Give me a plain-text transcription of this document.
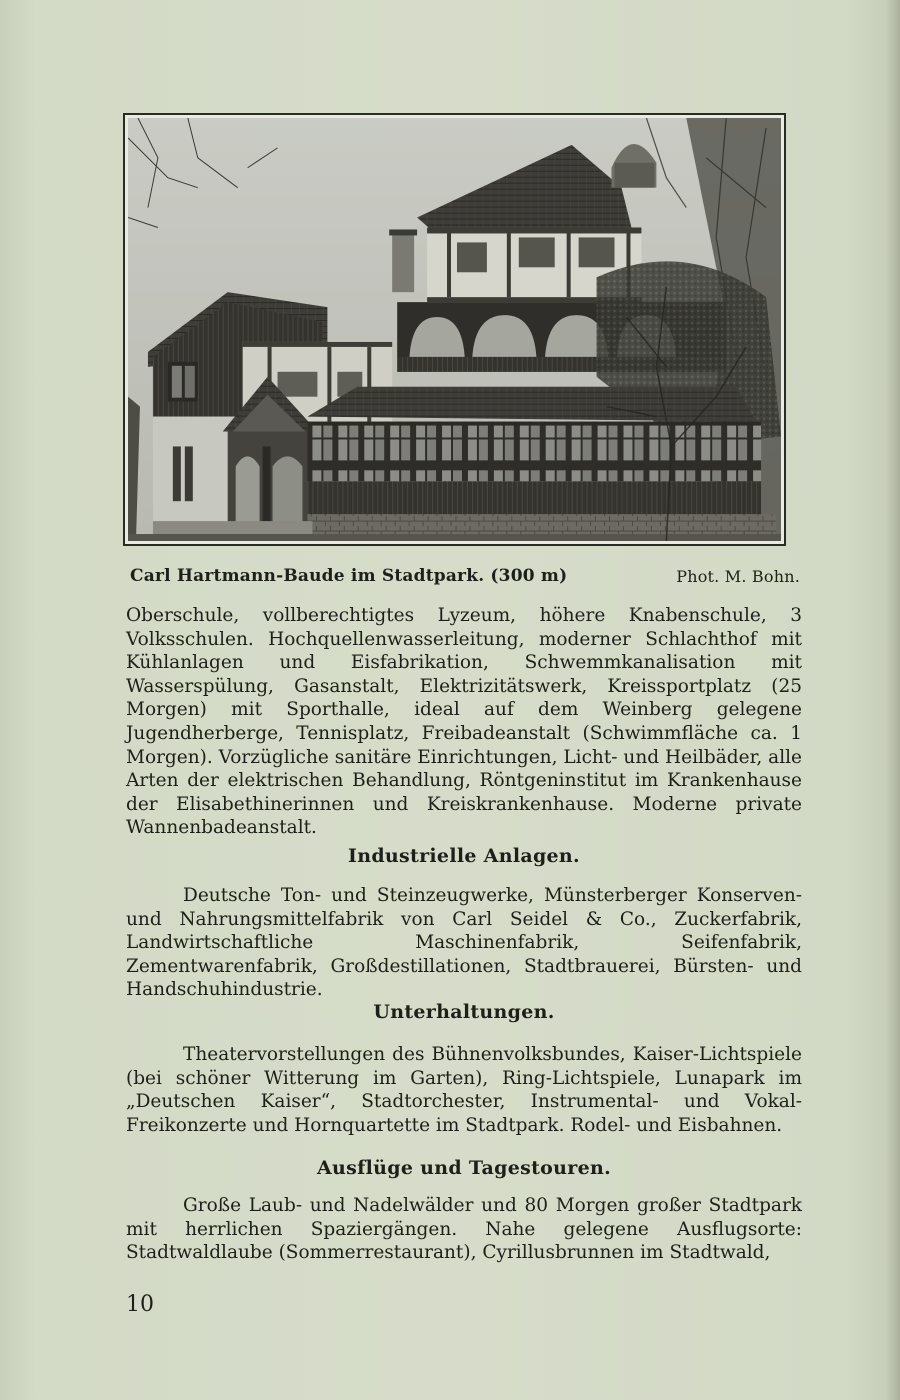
Carl Hartmann-Baude im Stadtpark. (300 m)	Phot. M. Bohn.

Oberschule, vollberechtigtes Lyzeum, höhere Knabenschule, 3 Volksschulen. Hochquellenwasserleitung, moderner Schlachthof mit Kühlanlagen und Eisfabrikation, Schwemmkanalisation mit Wasserspülung, Gasanstalt, Elektrizitätswerk, Kreissportplatz (25 Morgen) mit Sporthalle, ideal auf dem Weinberg gelegene Jugendherberge, Tennisplatz, Freibadeanstalt (Schwimmfläche ca. 1 Morgen). Vorzügliche sanitäre Einrichtungen, Licht- und Heilbäder, alle Arten der elektrischen Behandlung, Röntgeninstitut im Krankenhause der Elisabethinerinnen und Kreiskrankenhause. Moderne private Wannenbadeanstalt.

Industrielle Anlagen.

Deutsche Ton- und Steinzeugwerke, Münsterberger Konserven- und Nahrungsmittelfabrik von Carl Seidel & Co., Zuckerfabrik, Landwirtschaftliche Maschinenfabrik, Seifenfabrik, Zementwarenfabrik, Großdestillationen, Stadtbrauerei, Bürsten- und Handschuhindustrie.

Unterhaltungen.

Theatervorstellungen des Bühnenvolksbundes, Kaiser-Lichtspiele (bei schöner Witterung im Garten), Ring-Lichtspiele, Lunapark im „Deutschen Kaiser“, Stadtorchester, Instrumental- und Vokal-Freikonzerte und Hornquartette im Stadtpark. Rodel- und Eisbahnen.

Ausflüge und Tagestouren.

Große Laub- und Nadelwälder und 80 Morgen großer Stadtpark mit herrlichen Spaziergängen. Nahe gelegene Ausflugsorte: Stadtwaldlaube (Sommerrestaurant), Cyrillusbrunnen im Stadtwald,

10
